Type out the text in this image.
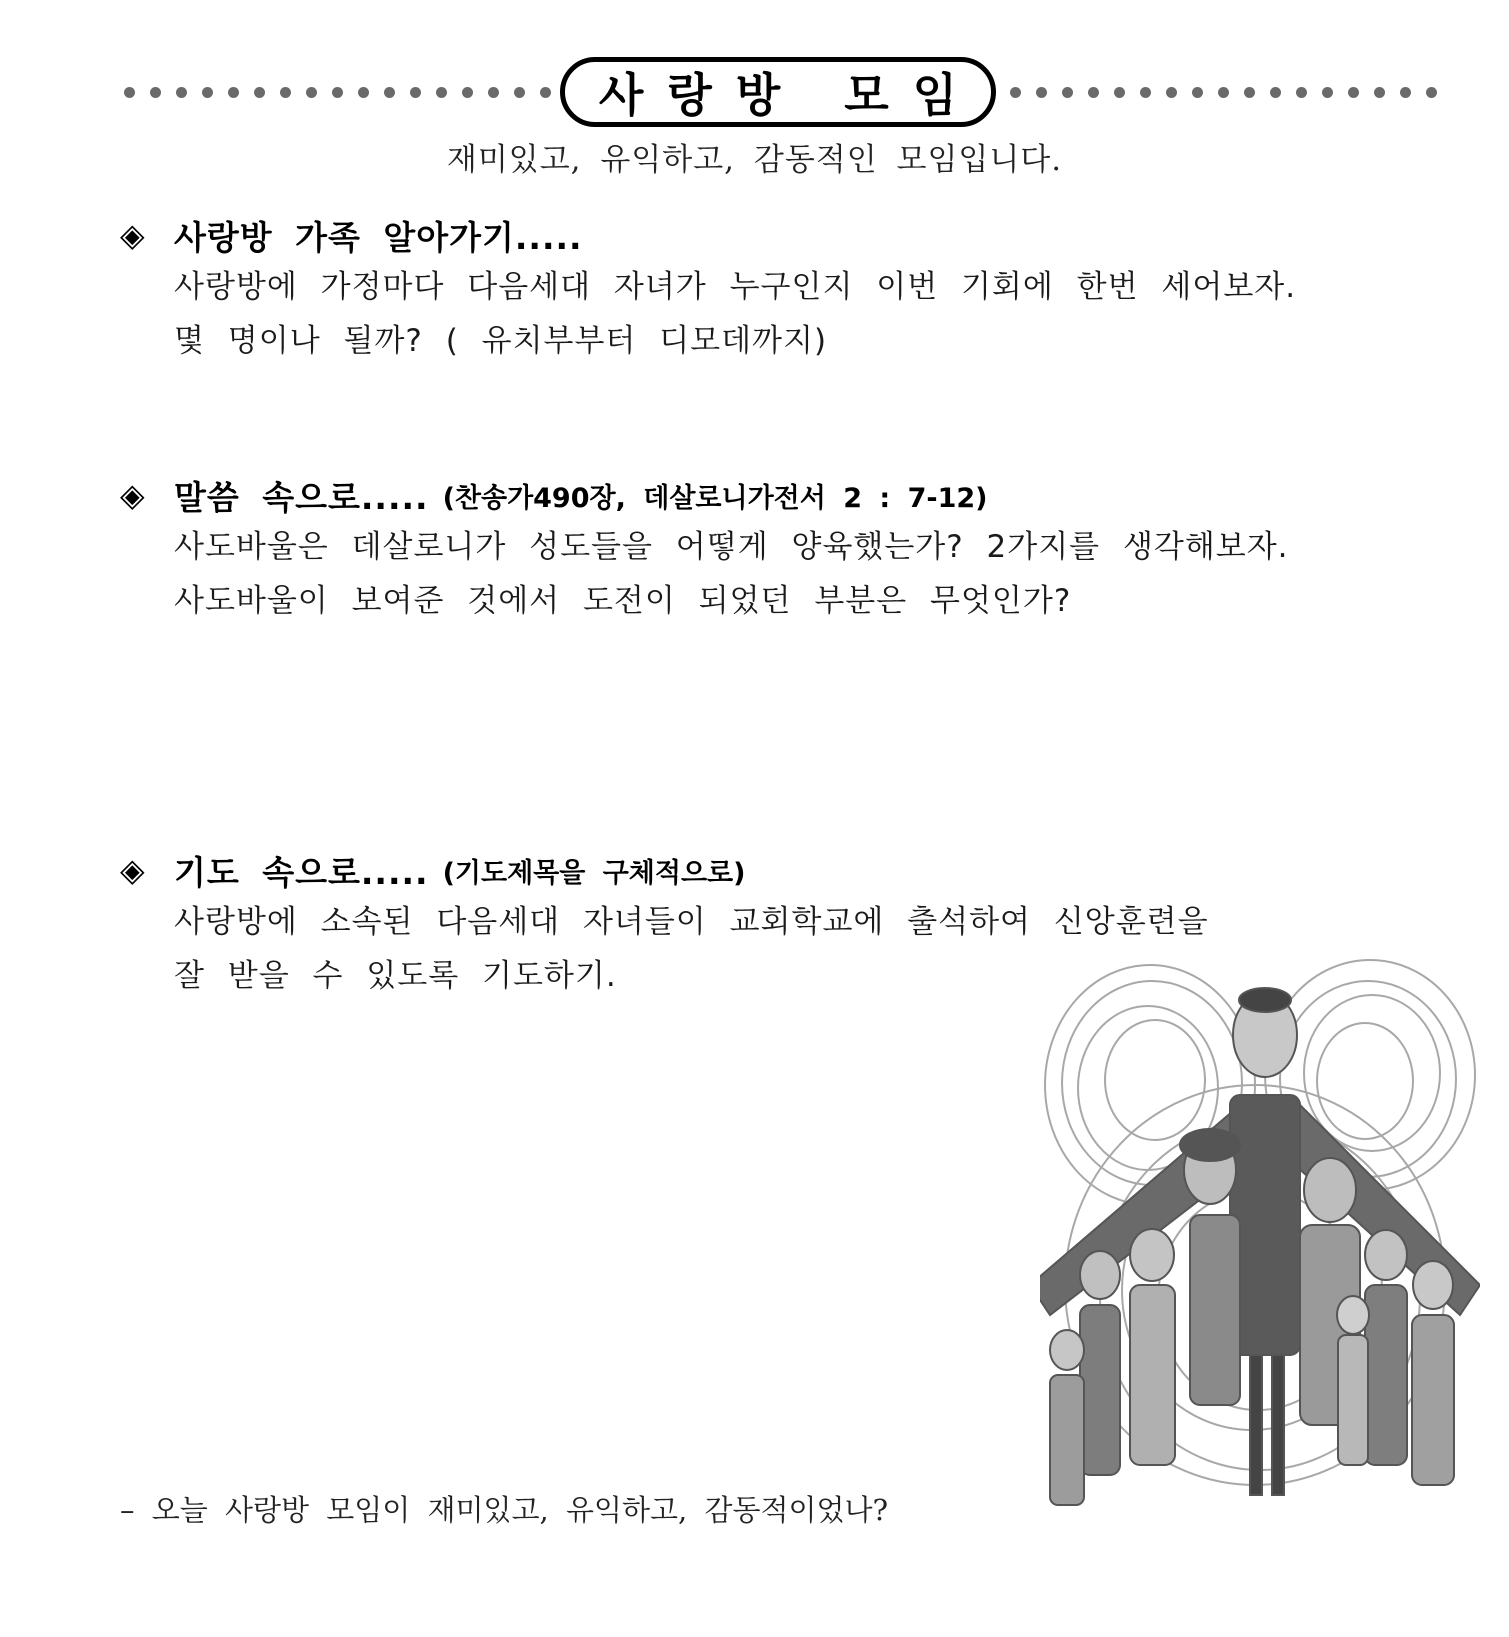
사랑방 모임
재미있고, 유익하고, 감동적인 모임입니다.
◈ 사랑방 가족 알아가기.....
사랑방에 가정마다 다음세대 자녀가 누구인지 이번 기회에 한번 세어보자.
몇 명이나 될까? ( 유치부부터 디모데까지)
◈ 말씀 속으로..... (찬송가490장, 데살로니가전서 2 : 7-12)
사도바울은 데살로니가 성도들을 어떻게 양육했는가? 2가지를 생각해보자.
사도바울이 보여준 것에서 도전이 되었던 부분은 무엇인가?
◈ 기도 속으로..... (기도제목을 구체적으로)
사랑방에 소속된 다음세대 자녀들이 교회학교에 출석하여 신앙훈련을
잘 받을 수 있도록 기도하기.
– 오늘 사랑방 모임이 재미있고, 유익하고, 감동적이었나?
